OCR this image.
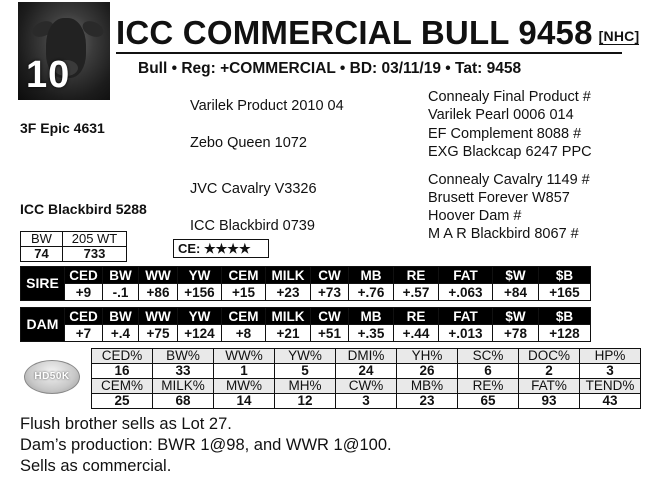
10
ICC COMMERCIAL BULL 9458 [NHC]
Bull • Reg: +COMMERCIAL • BD: 03/11/19 • Tat: 9458
3F Epic 4631
Varilek Product 2010 04
Zebo Queen 1072
Connealy Final Product #
Varilek Pearl 0006 014
EF Complement 8088 #
EXG Blackcap 6247 PPC
ICC Blackbird 5288
JVC Cavalry V3326
ICC Blackbird 0739
Connealy Cavalry 1149 #
Brusett Forever W857
Hoover Dam #
M A R Blackbird 8067 #
BW	205 WT
74	733	CE: ★★★★
SIRE	CED	BW	WW	YW	CEM	MILK	CW	MB	RE	FAT	$W	$B
	+9	-.1	+86	+156	+15	+23	+73	+.76	+.57	+.063	+84	+165
DAM	CED	BW	WW	YW	CEM	MILK	CW	MB	RE	FAT	$W	$B
	+7	+.4	+75	+124	+8	+21	+51	+.35	+.44	+.013	+78	+128
HD50K
CED%	BW%	WW%	YW%	DMI%	YH%	SC%	DOC%	HP%
16	33	1	5	24	26	6	2	3
CEM%	MILK%	MW%	MH%	CW%	MB%	RE%	FAT%	TEND%
25	68	14	12	3	23	65	93	43
Flush brother sells as Lot 27.
Dam’s production: BWR 1@98, and WWR 1@100.
Sells as commercial.
